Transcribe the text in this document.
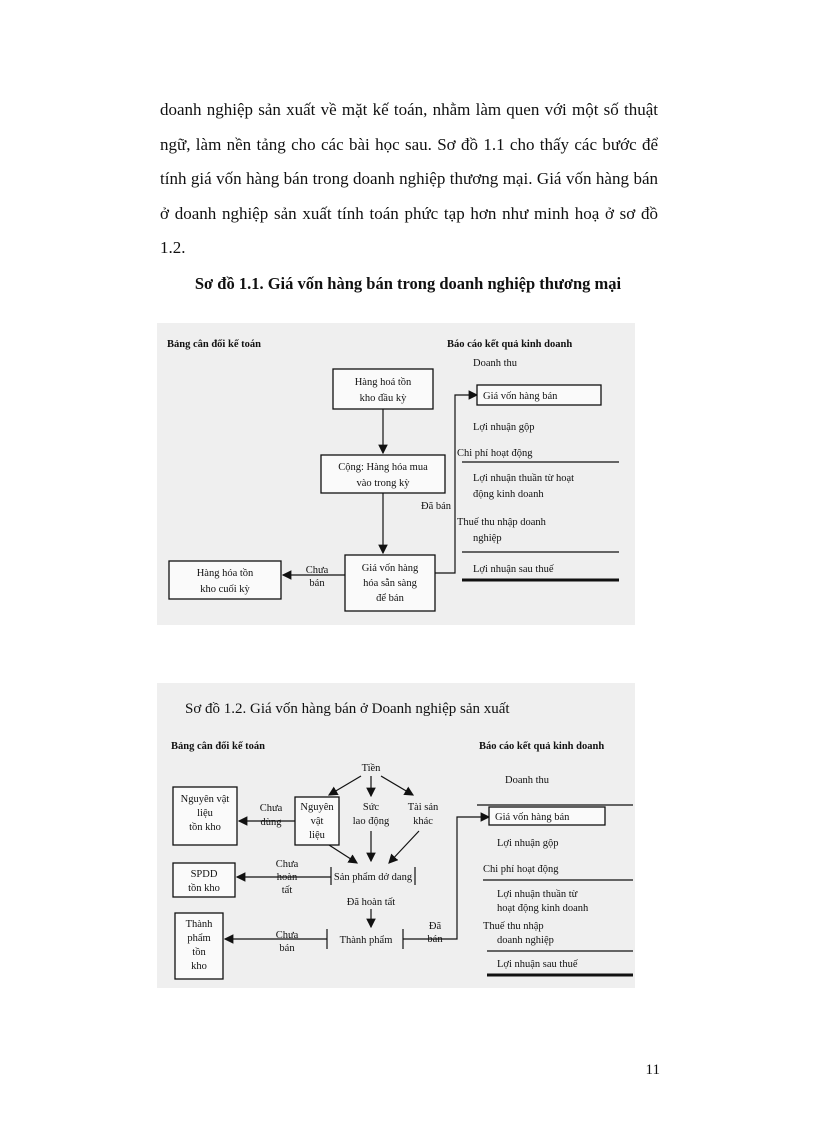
doanh nghiệp sản xuất về mặt kế toán, nhằm làm quen với một số thuật ngữ, làm nền tảng cho các bài học sau. Sơ đồ 1.1 cho thấy các bước để tính giá vốn hàng bán trong doanh nghiệp thương mại. Giá vốn hàng bán ở doanh nghiệp sản xuất tính toán phức tạp hơn như minh hoạ ở sơ đồ 1.2.

Sơ đồ 1.1. Giá vốn hàng bán trong doanh nghiệp thương mại
Bảng cân đối kế toán	Báo cáo kết quả kinh doanh
Hàng hoá tồn
kho đầu kỳ
Cộng: Hàng hóa mua
vào trong kỳ
Giá vốn hàng
hóa sẵn sàng
để bán
Hàng hóa tồn
kho cuối kỳ
Chưa
bán
Đã bán
Doanh thu
Giá vốn hàng bán
Lợi nhuận gộp
Chi phí hoạt động
Lợi nhuận thuần từ hoạt
động kinh doanh
Thuế thu nhập doanh
nghiệp
Lợi nhuận sau thuế
Sơ đồ 1.2. Giá vốn hàng bán ở Doanh nghiệp sản xuất
Bảng cân đối kế toán	Báo cáo kết quả kinh doanh
Tiền
Nguyên
vật
liệu
Sức
lao động
Tài sản
khác
Sản phẩm dở dang
Đã hoàn tất
Thành phẩm
Nguyên vật
liệu
tồn kho
Chưa
dùng
SPDD
tồn kho
Chưa
hoàn
tất
Thành
phẩm
tồn
kho
Chưa
bán
Đã
bán
Doanh thu
Giá vốn hàng bán
Lợi nhuận gộp
Chi phí hoạt động
Lợi nhuận thuần từ
hoạt động kinh doanh
Thuế thu nhập
doanh nghiệp
Lợi nhuận sau thuế
11
